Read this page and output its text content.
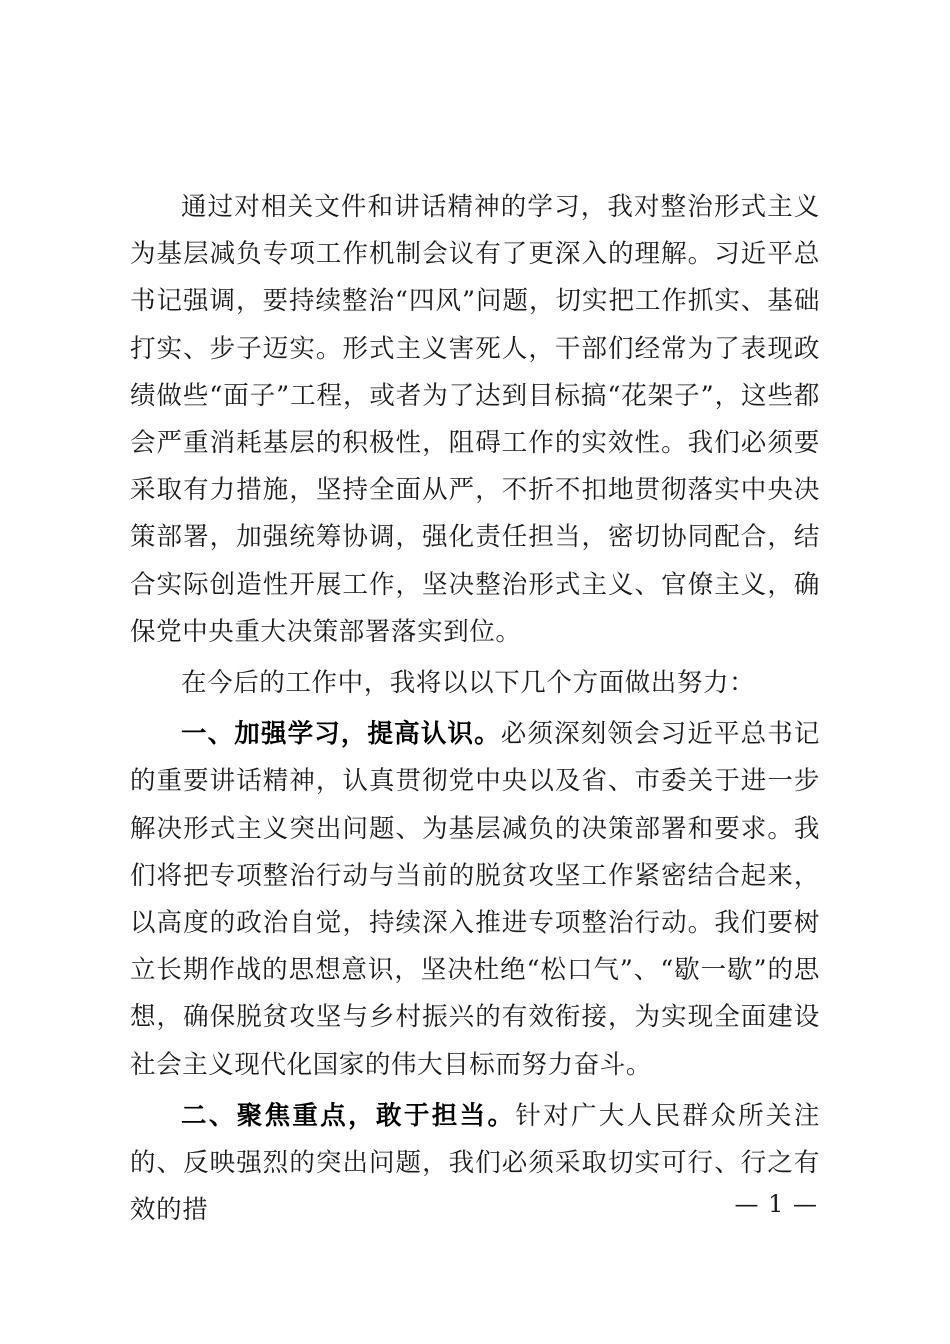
通过对相关文件和讲话精神的学习，我对整治形式主义为基层减负专项工作机制会议有了更深入的理解。习近平总书记强调，要持续整治“四风”问题，切实把工作抓实、基础打实、步子迈实。形式主义害死人，干部们经常为了表现政绩做些“面子”工程，或者为了达到目标搞“花架子”，这些都会严重消耗基层的积极性，阻碍工作的实效性。我们必须要采取有力措施，坚持全面从严，不折不扣地贯彻落实中央决策部署，加强统筹协调，强化责任担当，密切协同配合，结合实际创造性开展工作，坚决整治形式主义、官僚主义，确保党中央重大决策部署落实到位。

在今后的工作中，我将以以下几个方面做出努力：

一、加强学习，提高认识。必须深刻领会习近平总书记的重要讲话精神，认真贯彻党中央以及省、市委关于进一步解决形式主义突出问题、为基层减负的决策部署和要求。我们将把专项整治行动与当前的脱贫攻坚工作紧密结合起来，以高度的政治自觉，持续深入推进专项整治行动。我们要树立长期作战的思想意识，坚决杜绝“松口气”、“歇一歇”的思想，确保脱贫攻坚与乡村振兴的有效衔接，为实现全面建设社会主义现代化国家的伟大目标而努力奋斗。

二、聚焦重点，敢于担当。针对广大人民群众所关注的、反映强烈的突出问题，我们必须采取切实可行、行之有效的措	— 1 —
